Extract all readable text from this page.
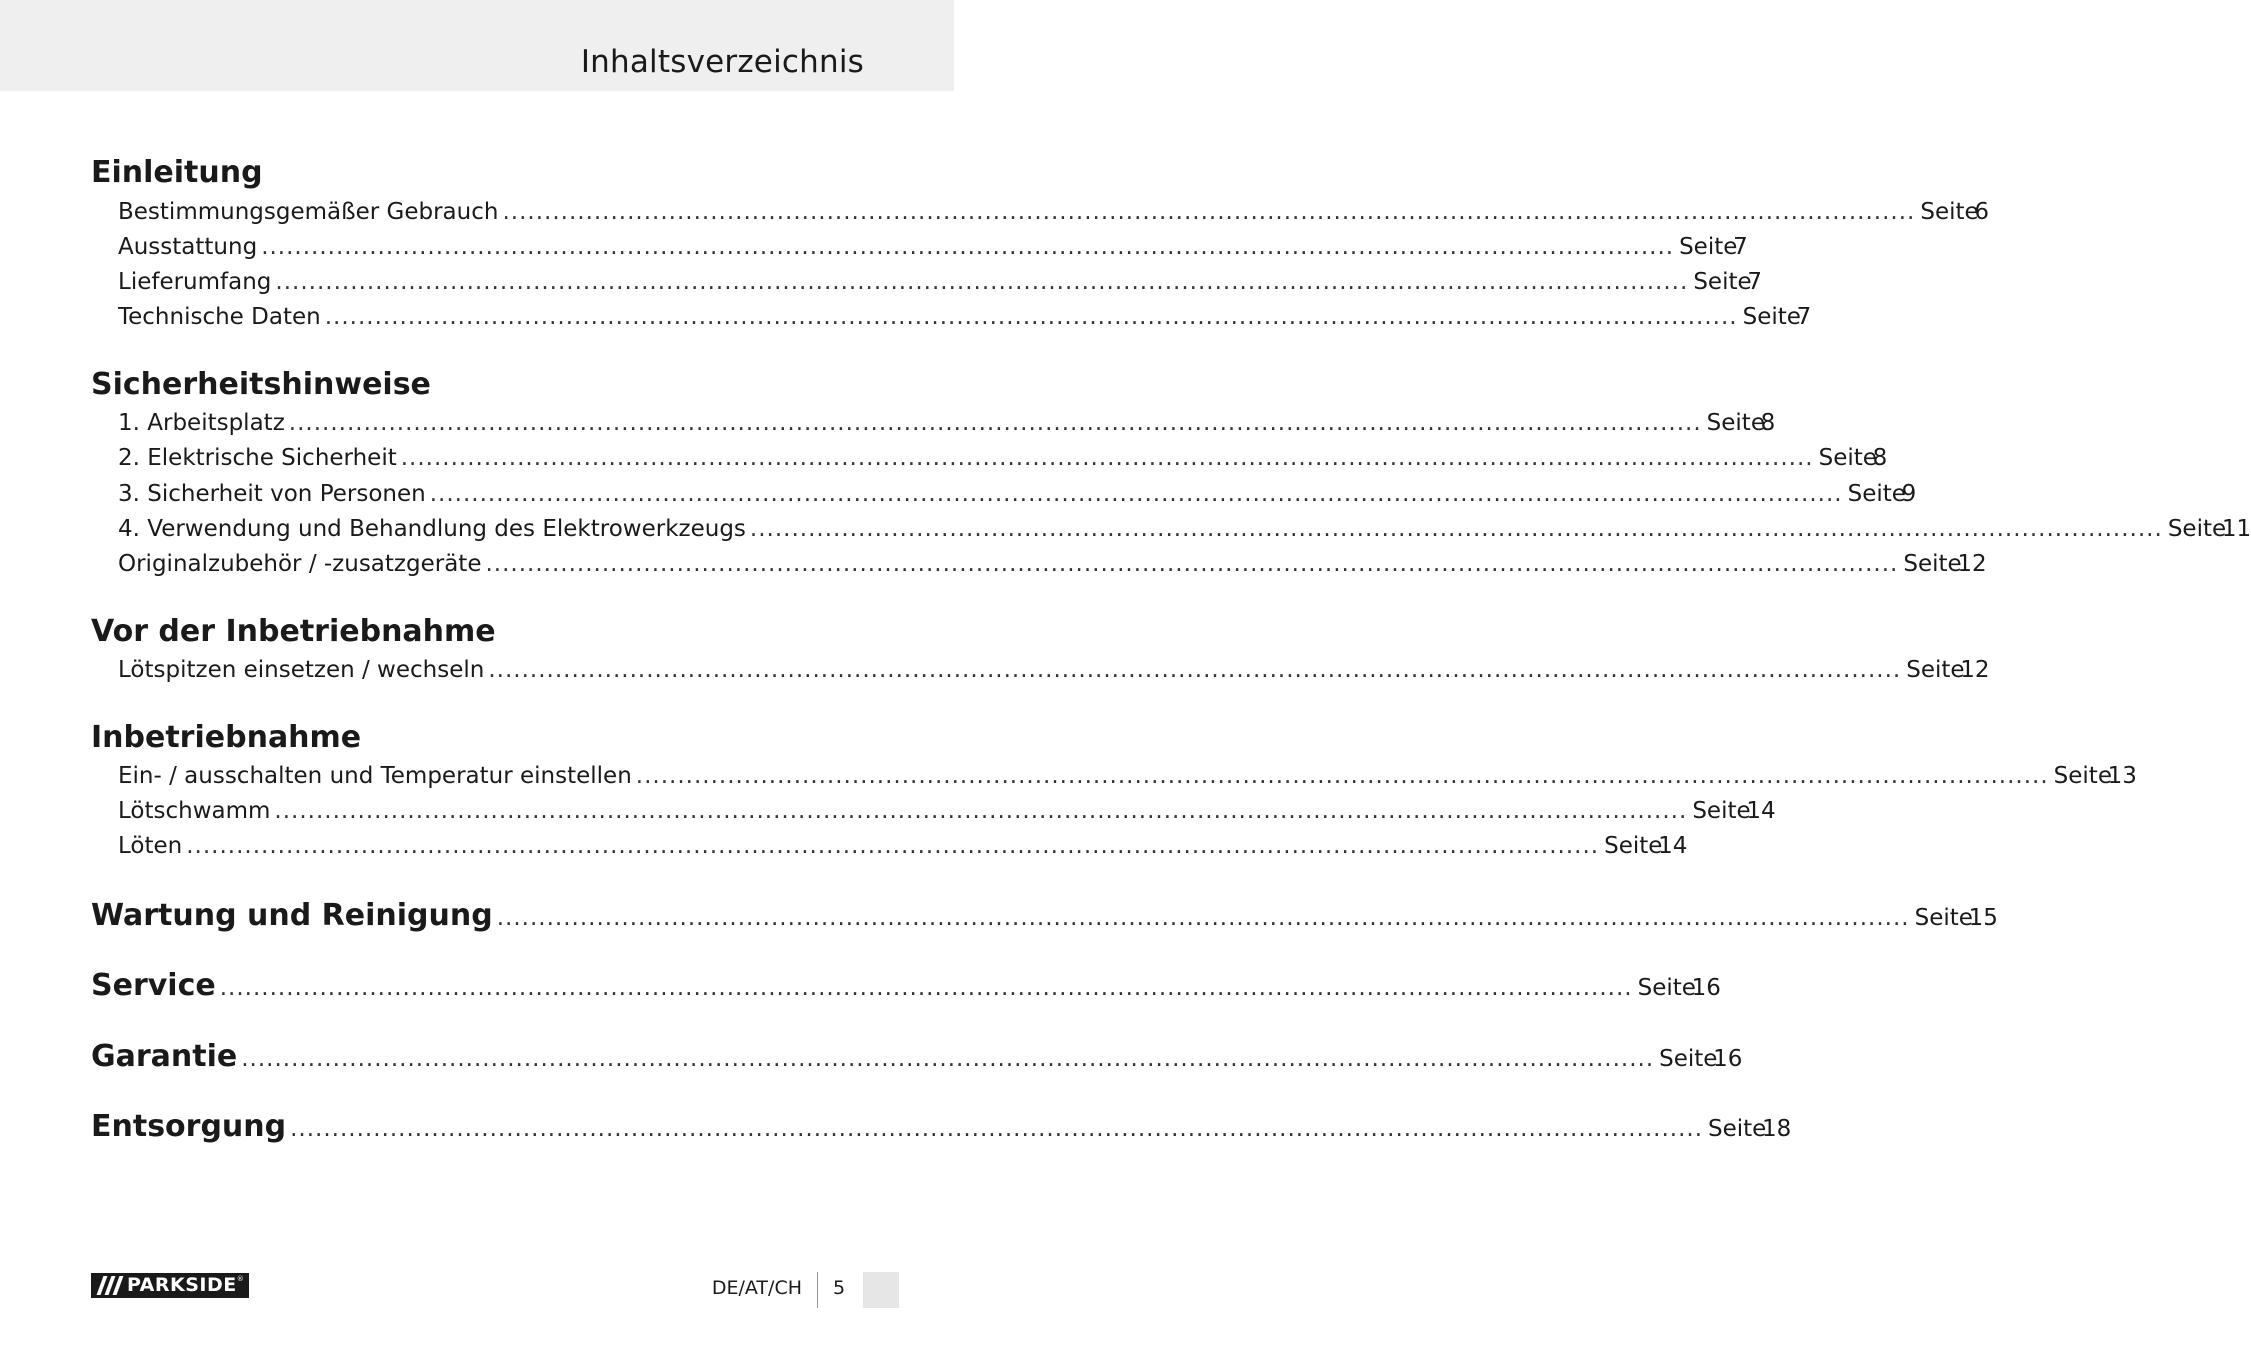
Inhaltsverzeichnis
Einleitung
Bestimmungsgemäßer Gebrauch .......................................................................................................................................................................... Seite
6
Ausstattung .......................................................................................................................................................................... Seite
7
Lieferumfang .......................................................................................................................................................................... Seite
7
Technische Daten .......................................................................................................................................................................... Seite
7
Sicherheitshinweise
1. Arbeitsplatz .......................................................................................................................................................................... Seite
8
2. Elektrische Sicherheit .......................................................................................................................................................................... Seite
8
3. Sicherheit von Personen .......................................................................................................................................................................... Seite
9
4. Verwendung und Behandlung des Elektrowerkzeugs .......................................................................................................................................................................... Seite
11
Originalzubehör / -zusatzgeräte .......................................................................................................................................................................... Seite
12
Vor der Inbetriebnahme
Lötspitzen einsetzen / wechseln .......................................................................................................................................................................... Seite
12
Inbetriebnahme
Ein- / ausschalten und Temperatur einstellen .......................................................................................................................................................................... Seite
13
Lötschwamm .......................................................................................................................................................................... Seite
14
Löten .......................................................................................................................................................................... Seite
14
Wartung und Reinigung .......................................................................................................................................................................... Seite
15
Service .......................................................................................................................................................................... Seite
16
Garantie .......................................................................................................................................................................... Seite
16
Entsorgung .......................................................................................................................................................................... Seite
18
PARKSIDE ®	DE/AT/CH 5
